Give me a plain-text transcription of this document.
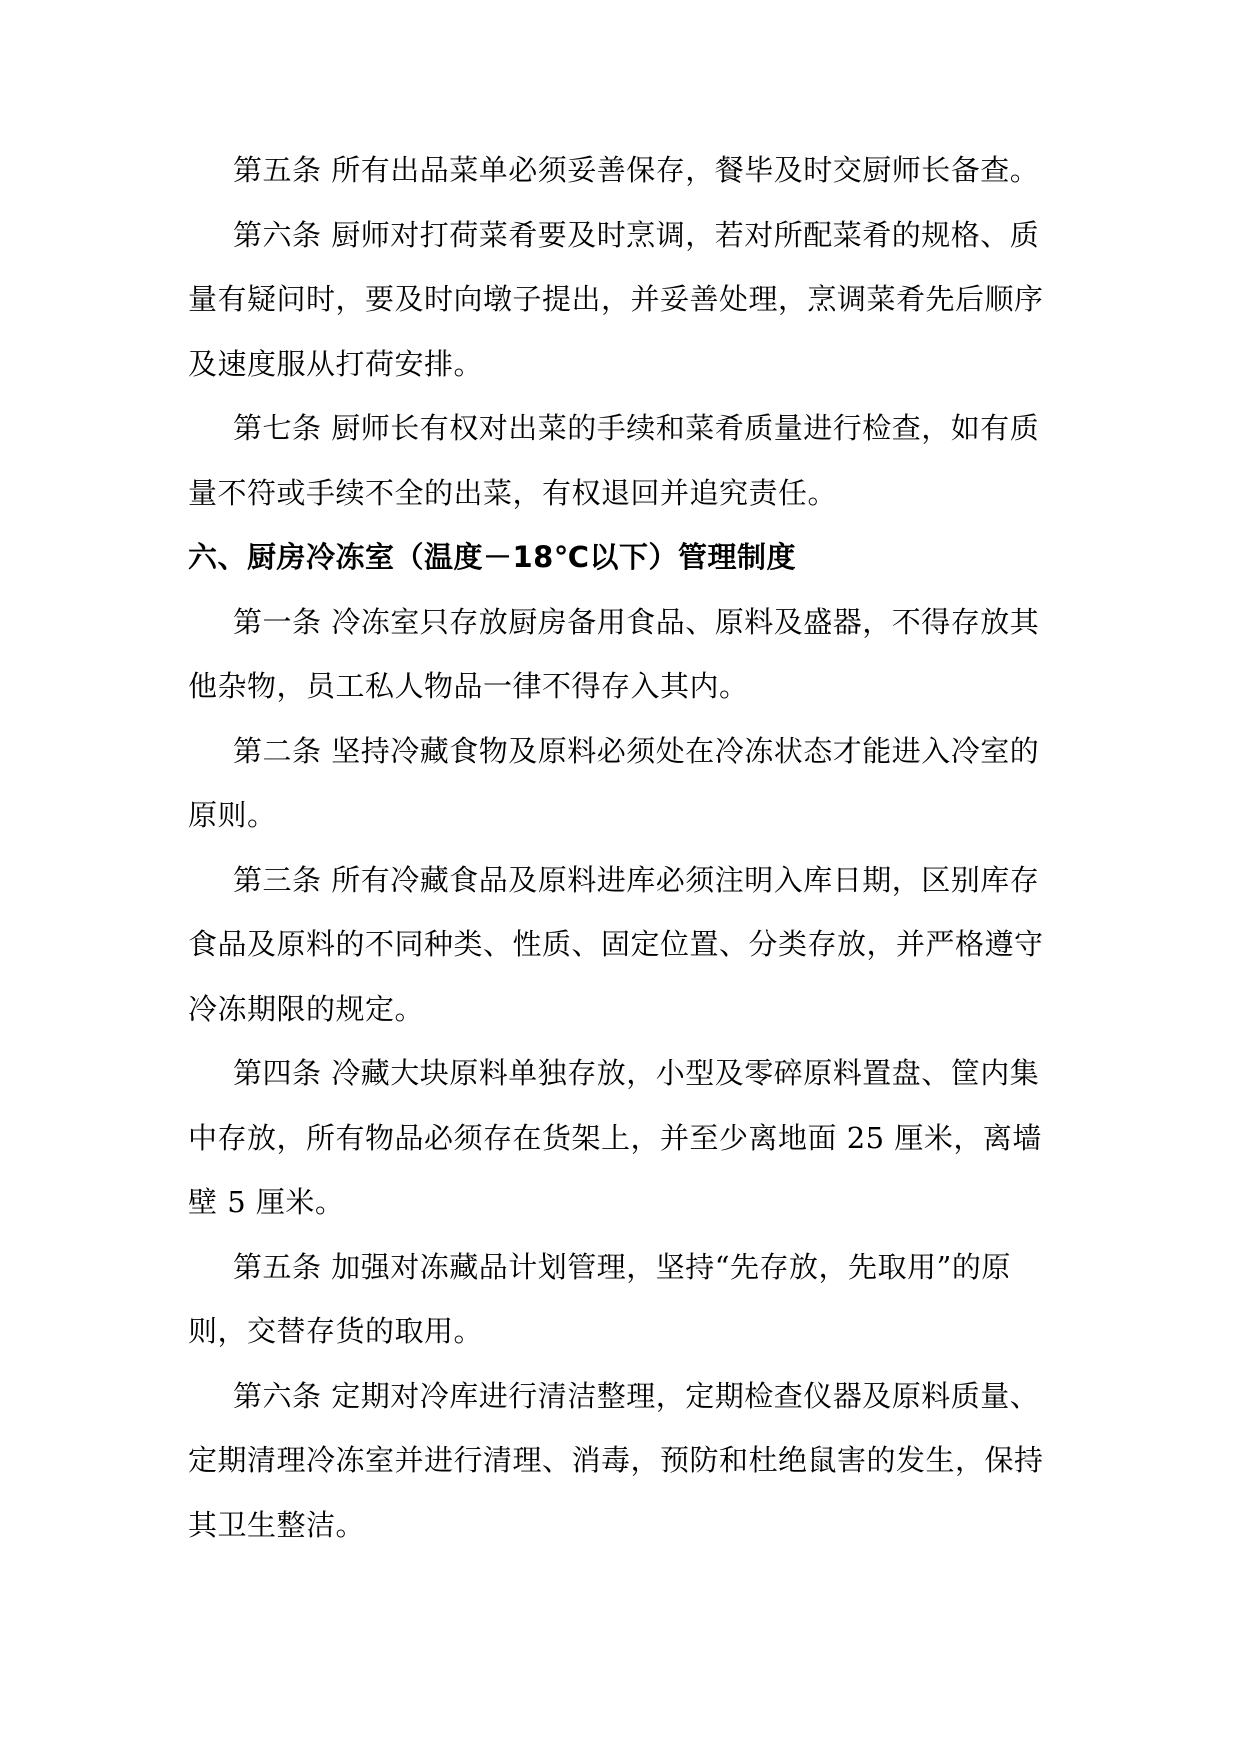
第五条 所有出品菜单必须妥善保存，餐毕及时交厨师长备查。

第六条 厨师对打荷菜肴要及时烹调，若对所配菜肴的规格、质量有疑问时，要及时向墩子提出，并妥善处理，烹调菜肴先后顺序及速度服从打荷安排。

第七条 厨师长有权对出菜的手续和菜肴质量进行检查，如有质量不符或手续不全的出菜，有权退回并追究责任。

六、厨房冷冻室（温度－18℃以下）管理制度

第一条 冷冻室只存放厨房备用食品、原料及盛器，不得存放其他杂物，员工私人物品一律不得存入其内。

第二条 坚持冷藏食物及原料必须处在冷冻状态才能进入冷室的原则。

第三条 所有冷藏食品及原料进库必须注明入库日期，区别库存食品及原料的不同种类、性质、固定位置、分类存放，并严格遵守冷冻期限的规定。

第四条 冷藏大块原料单独存放，小型及零碎原料置盘、筐内集中存放，所有物品必须存在货架上，并至少离地面 25 厘米，离墙壁 5 厘米。

第五条 加强对冻藏品计划管理，坚持“先存放，先取用”的原则，交替存货的取用。

第六条 定期对冷库进行清洁整理，定期检查仪器及原料质量、定期清理冷冻室并进行清理、消毒，预防和杜绝鼠害的发生，保持其卫生整洁。
